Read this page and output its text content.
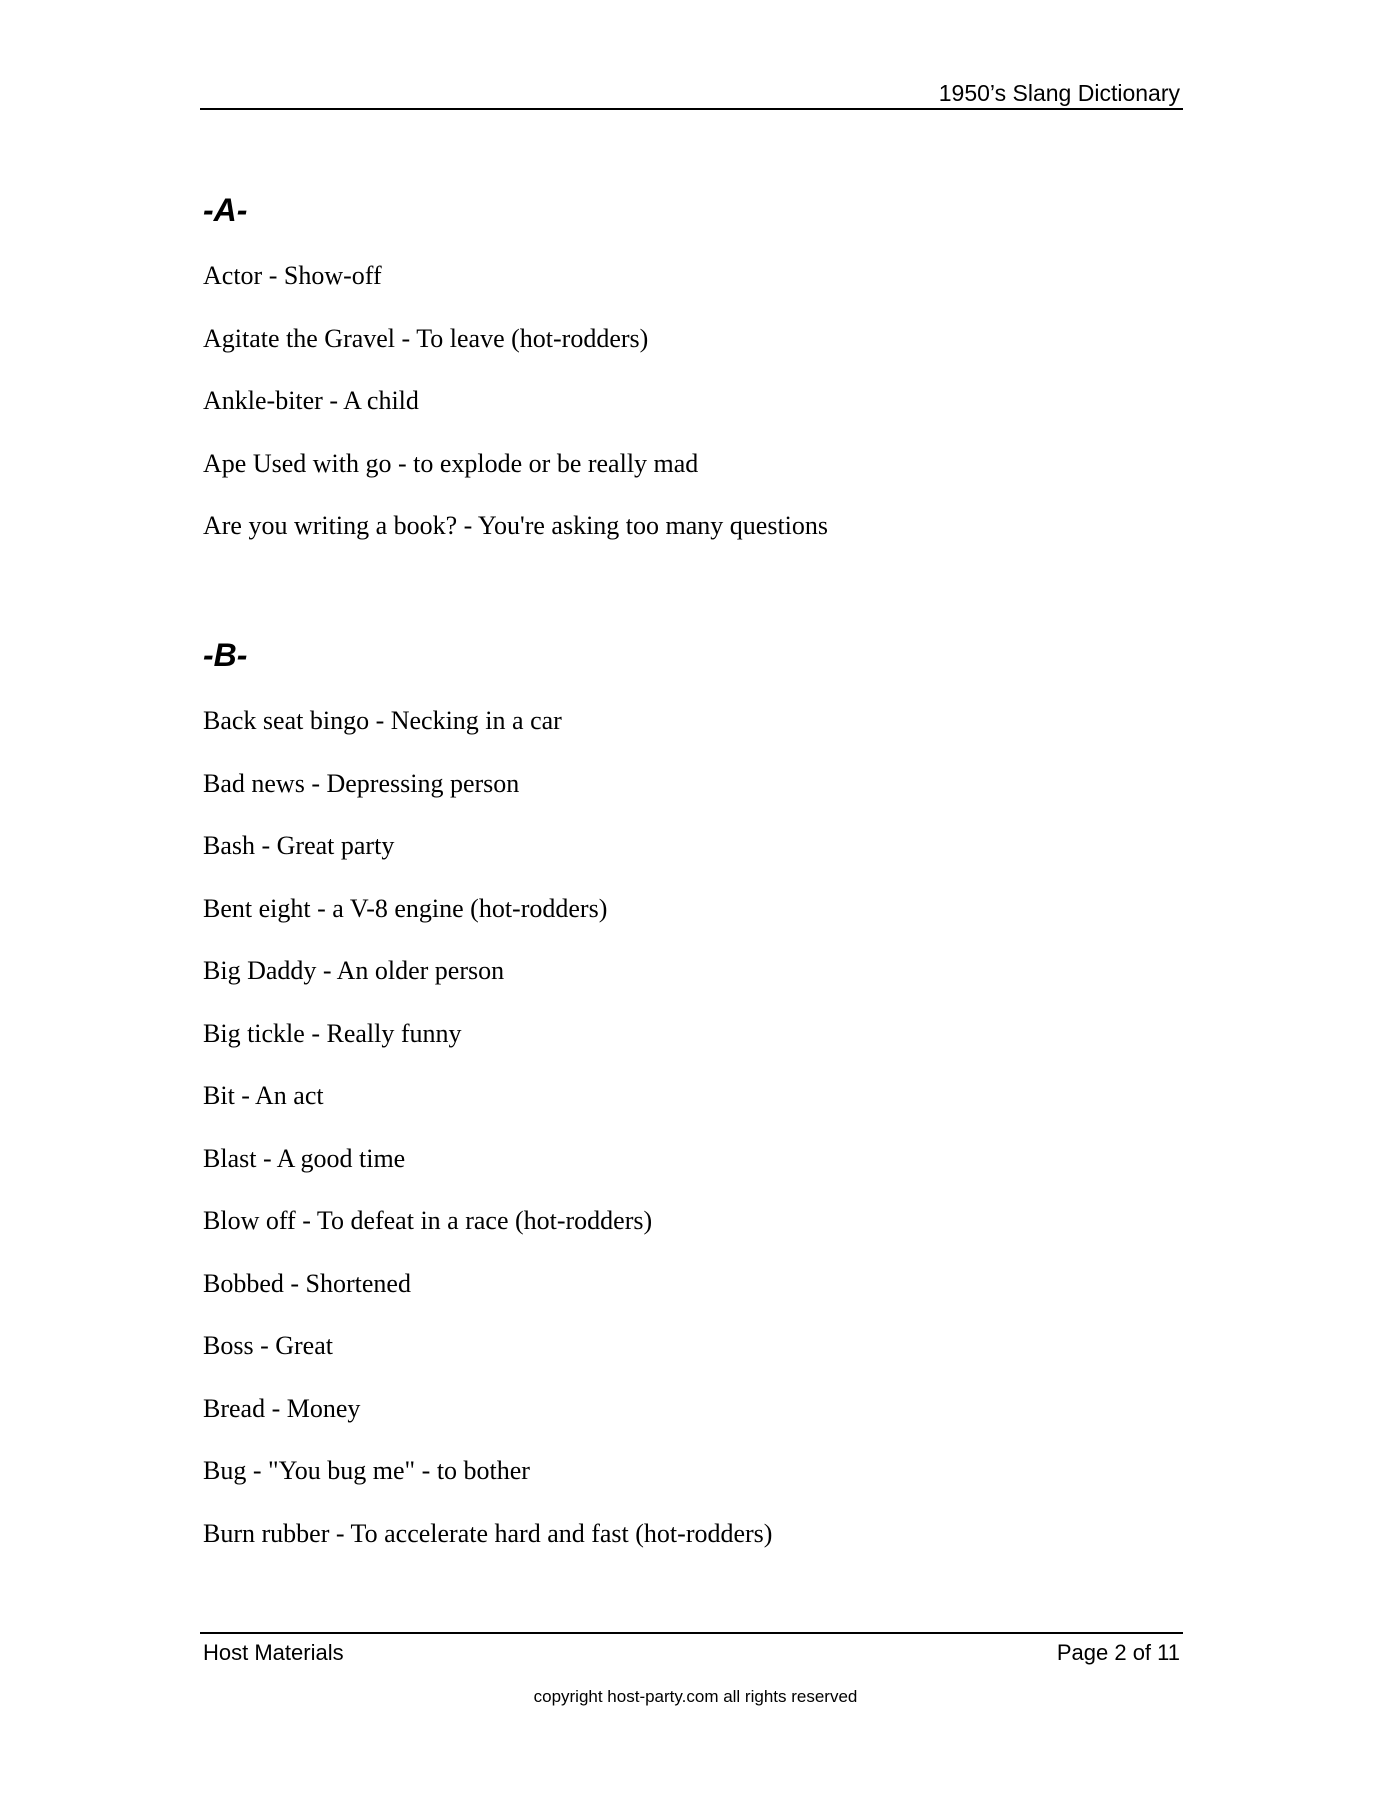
1950’s Slang Dictionary
-A-
Actor - Show-off
Agitate the Gravel - To leave (hot-rodders)
Ankle-biter - A child
Ape Used with go - to explode or be really mad
Are you writing a book? - You're asking too many questions
-B-
Back seat bingo - Necking in a car
Bad news - Depressing person
Bash - Great party
Bent eight - a V-8 engine (hot-rodders)
Big Daddy - An older person
Big tickle - Really funny
Bit - An act
Blast - A good time
Blow off - To defeat in a race (hot-rodders)
Bobbed - Shortened
Boss - Great
Bread - Money
Bug - "You bug me" - to bother
Burn rubber - To accelerate hard and fast (hot-rodders)
Host Materials	Page 2 of 11
copyright host-party.com all rights reserved
